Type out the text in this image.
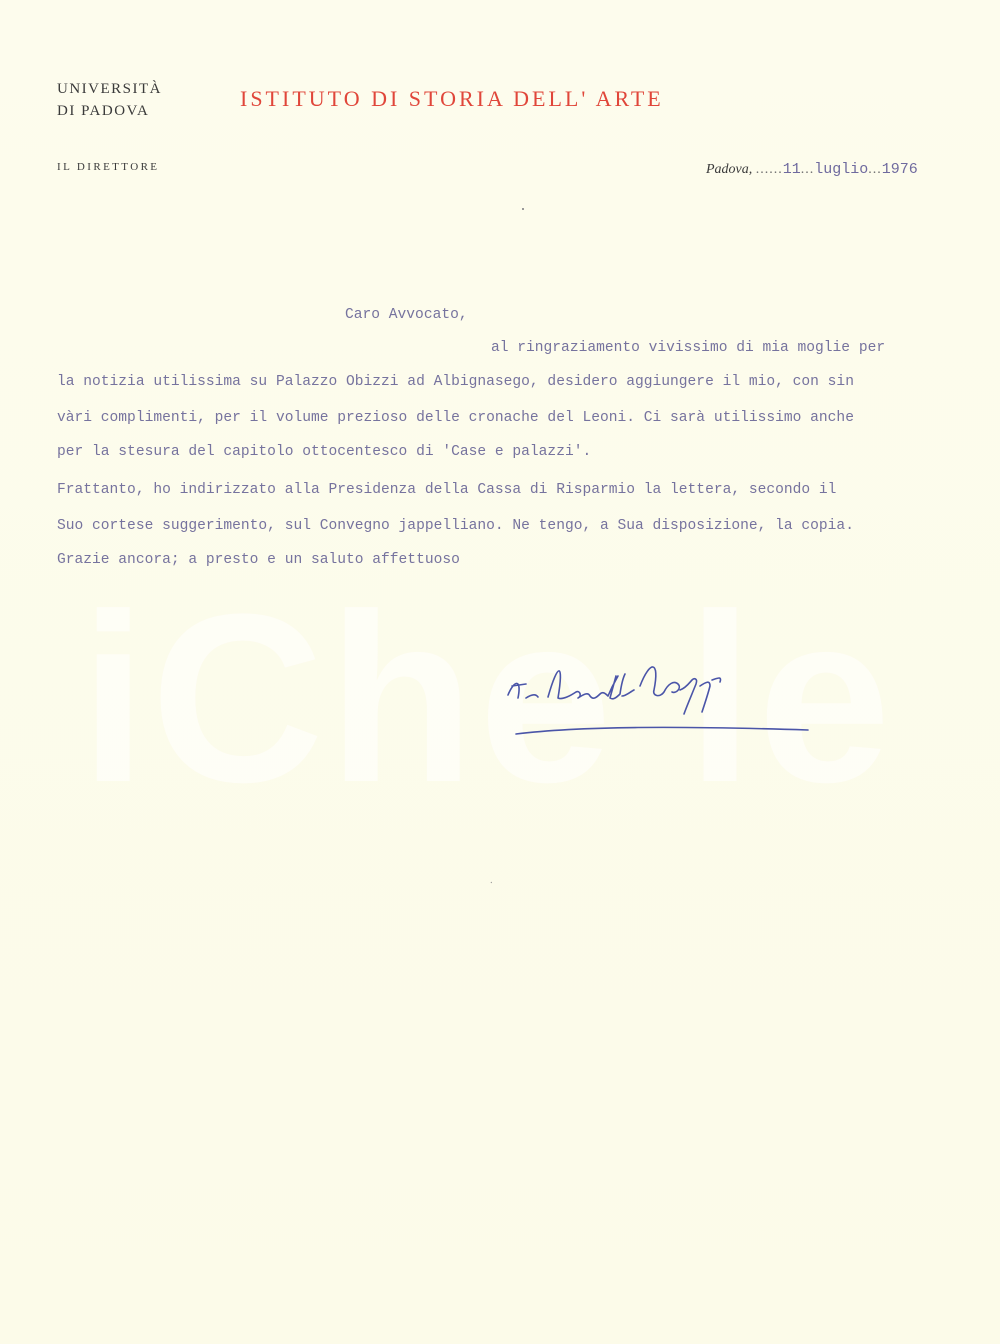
iChe le
UNIVERSITÀ
DI PADOVA	ISTITUTO DI STORIA DELL' ARTE
IL DIRETTORE	Padova, ......11...luglio...1976

Caro Avvocato,

al ringraziamento vivissimo di mia moglie per

la notizia utilissima su Palazzo Obizzi ad Albignasego, desidero aggiungere il mio, con sin

vàri complimenti, per il volume prezioso delle cronache del Leoni. Ci sarà utilissimo anche

per la stesura del capitolo ottocentesco di 'Case e palazzi'.

Frattanto, ho indirizzato alla Presidenza della Cassa di Risparmio la lettera, secondo il

Suo cortese suggerimento, sul Convegno jappelliano. Ne tengo, a Sua disposizione, la copia.

Grazie ancora; a presto e un saluto affettuoso

⸱
